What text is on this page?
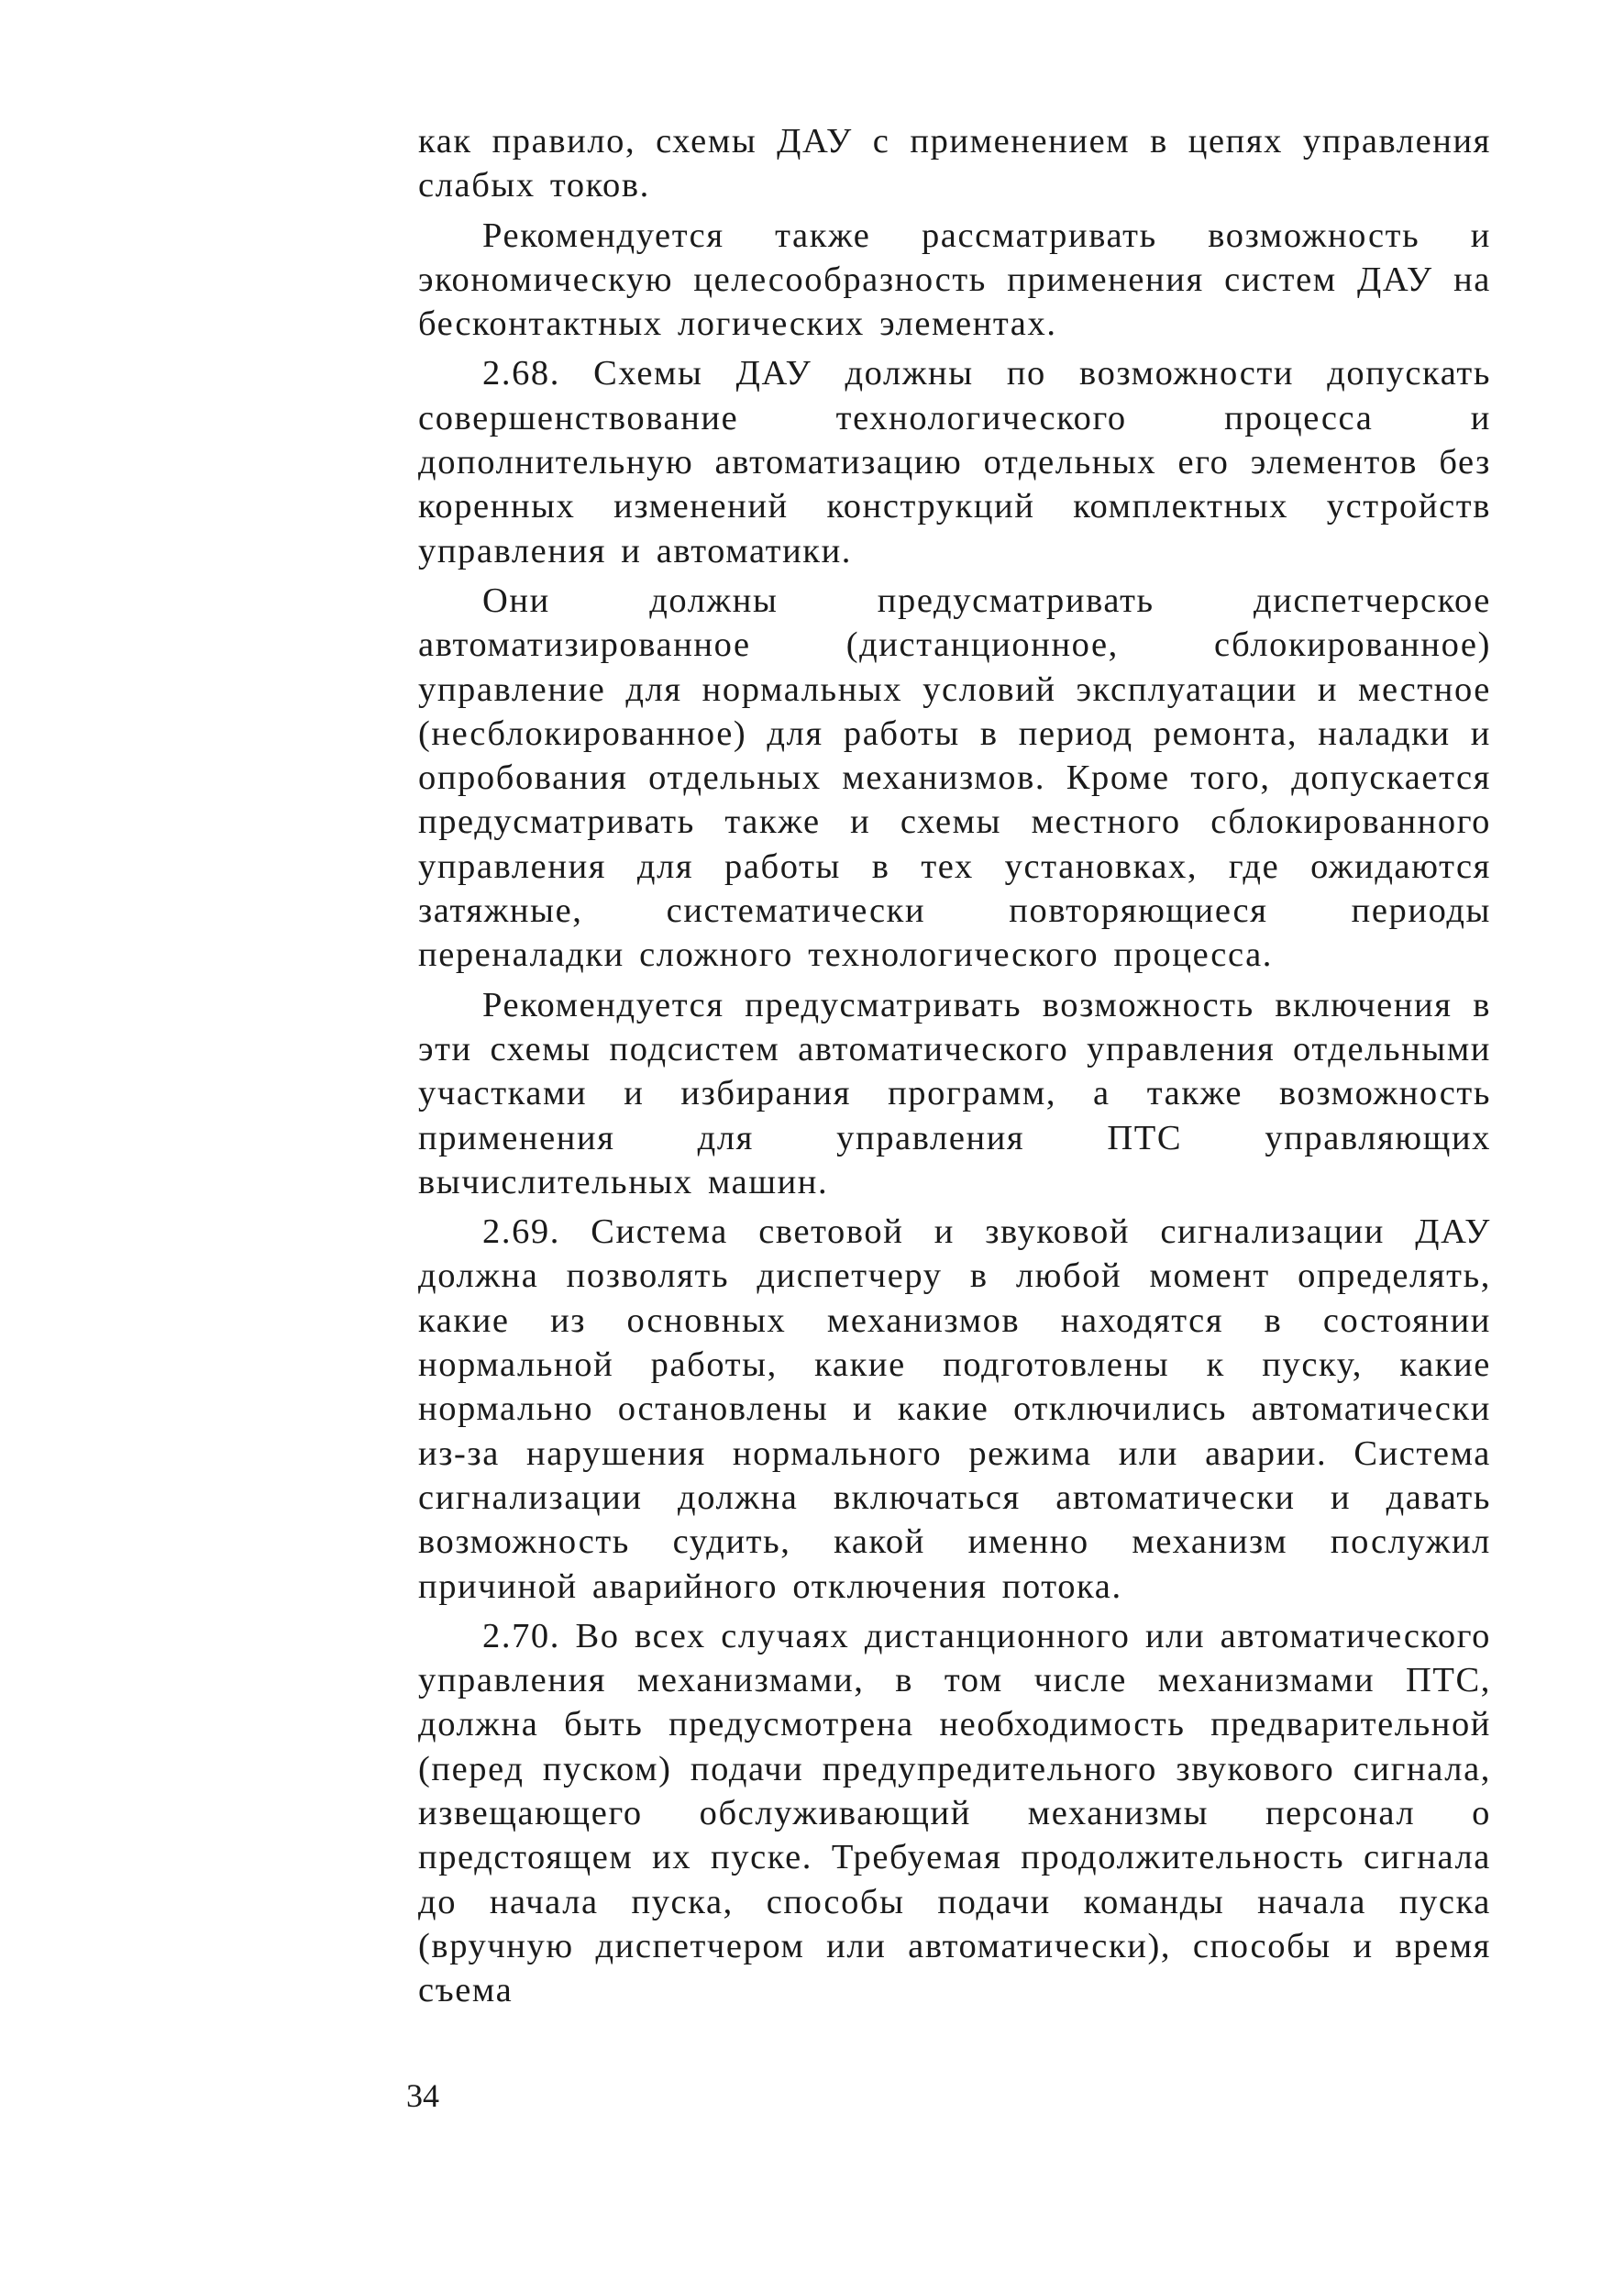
как правило, схемы ДАУ с применением в цепях управления слабых токов.

Рекомендуется также рассматривать возможность и экономическую целесообразность применения систем ДАУ на бесконтактных логических элементах.

2.68. Схемы ДАУ должны по возможности допускать совершенствование технологического процесса и дополнительную автоматизацию отдельных его элементов без коренных изменений конструкций комплектных устройств управления и автоматики.

Они должны предусматривать диспетчерское автоматизированное (дистанционное, сблокированное) управление для нормальных условий эксплуатации и местное (несблокированное) для работы в период ремонта, наладки и опробования отдельных механизмов. Кроме того, допускается предусматривать также и схемы местного сблокированного управления для работы в тех установках, где ожидаются затяжные, систематически повторяющиеся периоды переналадки сложного технологического процесса.

Рекомендуется предусматривать возможность включения в эти схемы подсистем автоматического управления отдельными участками и избирания программ, а также возможность применения для управления ПТС управляющих вычислительных машин.

2.69. Система световой и звуковой сигнализации ДАУ должна позволять диспетчеру в любой момент определять, какие из основных механизмов находятся в состоянии нормальной работы, какие подготовлены к пуску, какие нормально остановлены и какие отключились автоматически из-за нарушения нормального режима или аварии. Система сигнализации должна включаться автоматически и давать возможность судить, какой именно механизм послужил причиной аварийного отключения потока.

2.70. Во всех случаях дистанционного или автоматического управления механизмами, в том числе механизмами ПТС, должна быть предусмотрена необходимость предварительной (перед пуском) подачи предупредительного звукового сигнала, извещающего обслуживающий механизмы персонал о предстоящем их пуске. Требуемая продолжительность сигнала до начала пуска, способы подачи команды начала пуска (вручную диспетчером или автоматически), способы и время съема

34
